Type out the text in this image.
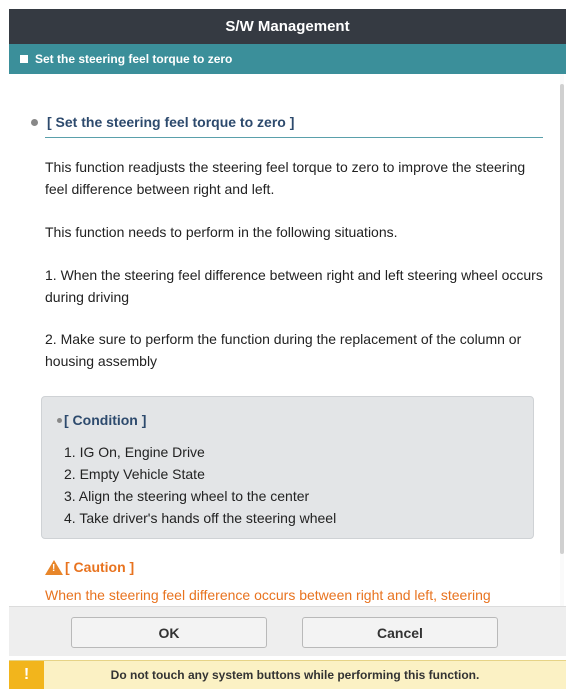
S/W Management
Set the steering feel torque to zero
[ Set the steering feel torque to zero ]
This function readjusts the steering feel torque to zero to improve the steering feel difference between right and left.
This function needs to perform in the following situations.
1. When the steering feel difference between right and left steering wheel occurs during driving
2. Make sure to perform the function during the replacement of the column or housing assembly
[ Condition ]
1. IG On, Engine Drive
2. Empty Vehicle State
3. Align the steering wheel to the center
4. Take driver's hands off the steering wheel
! [ Caution ]
When the steering feel difference occurs between right and left, steering
OK	Cancel
!	Do not touch any system buttons while performing this function.
